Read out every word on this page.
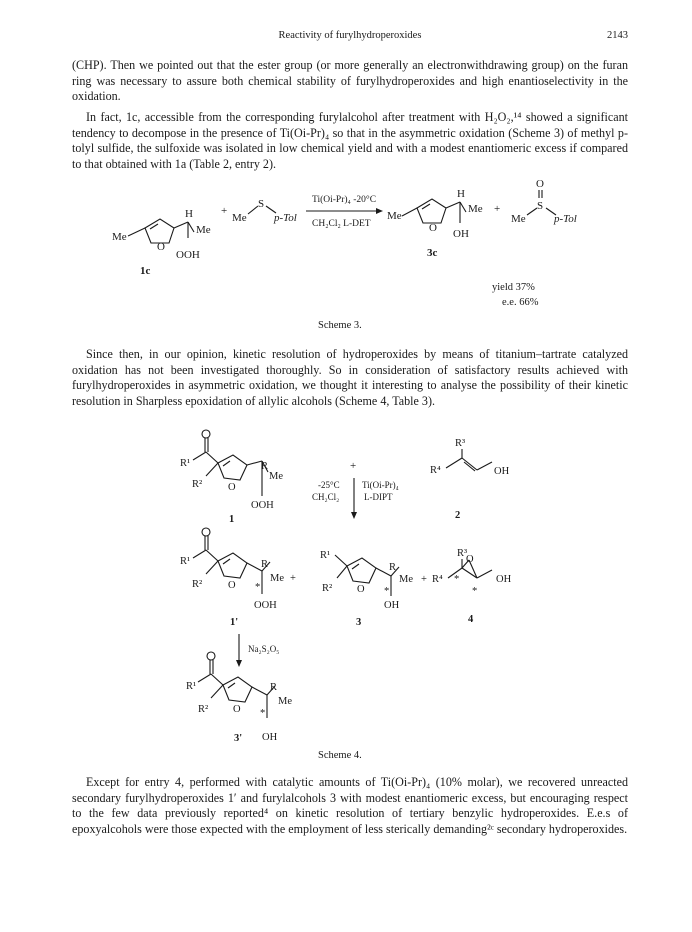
Reactivity of furylhydroperoxides	2143

(CHP). Then we pointed out that the ester group (or more generally an electronwithdrawing group) on the furan ring was necessary to assure both chemical stability of furylhydroperoxides and high enantioselectivity in the oxidation.

In fact, 1c, accessible from the corresponding furylalcohol after treatment with H₂O₂,¹⁴ showed a significant tendency to decompose in the presence of Ti(Oi-Pr)₄ so that in the asymmetric oxidation (Scheme 3) of methyl p-tolyl sulfide, the sulfoxide was isolated in low chemical yield and with a modest enantiomeric excess if compared to that obtained with 1a (Table 2, entry 2).

Me
O
H
Me
+
OOH
1c
Me
S
p-Tol
Ti(Oi-Pr)₄ -20°C
CH₂Cl₂ L-DET
Me
O
H
Me +
OH
3c
Me
S
O
p-Tol
yield 37%
e.e. 66%
Scheme 3.

Since then, in our opinion, kinetic resolution of hydroperoxides by means of titanium–tartrate catalyzed oxidation has not been investigated thoroughly. So in consideration of satisfactory results achieved with furylhydroperoxides in asymmetric oxidation, we thought it interesting to analyse the possibility of their kinetic resolution in Sharpless epoxidation of allylic alcohols (Scheme 4, Table 3).

R¹
R² O
R
Me
OOH
1
+
-25°C
CH₂Cl₂
Ti(Oi-Pr)₄
L-DIPT
R³
R⁴	OH
2
R¹
R² O
R
Me +
*
OOH
1'
R¹
R² O
R
Me +
*
OH
3
R³
O
R⁴ *
*
OH
4
Na₂S₂O₅
R¹
R² O
R
Me
*
OH
3'
Scheme 4.

Except for entry 4, performed with catalytic amounts of Ti(Oi-Pr)₄ (10% molar), we recovered unreacted secondary furylhydroperoxides 1′ and furylalcohols 3 with modest enantiomeric excess, but encouraging respect to the few data previously reported⁴ on kinetic resolution of tertiary benzylic hydroperoxides. E.e.s of epoxyalcohols were those expected with the employment of less sterically demanding²ᶜ secondary hydroperoxides.
